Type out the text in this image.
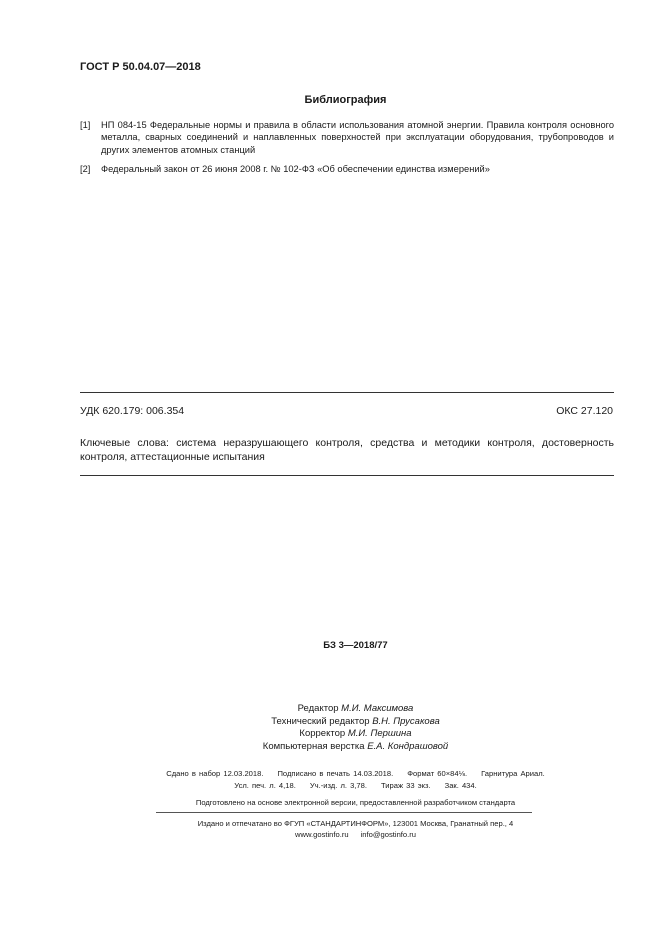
ГОСТ Р 50.04.07—2018
Библиография
[1] НП 084-15 Федеральные нормы и правила в области использования атомной энергии. Правила контроля основного металла, сварных соединений и наплавленных поверхностей при эксплуатации оборудования, трубопроводов и других элементов атомных станций
[2] Федеральный закон от 26 июня 2008 г. № 102-ФЗ «Об обеспечении единства измерений»
УДК 620.179: 006.354	ОКС 27.120
Ключевые слова: система неразрушающего контроля, средства и методики контроля, достоверность контроля, аттестационные испытания
БЗ 3—2018/77
Редактор М.И. Максимова
Технический редактор В.Н. Прусакова
Корректор М.И. Першина
Компьютерная верстка Е.А. Кондрашовой
Сдано в набор 12.03.2018. Подписано в печать 14.03.2018. Формат 60×84⅛. Гарнитура Ариал.
Усл. печ. л. 4,18. Уч.-изд. л. 3,78. Тираж 33 экз. Зак. 434.
Подготовлено на основе электронной версии, предоставленной разработчиком стандарта
Издано и отпечатано во ФГУП «СТАНДАРТИНФОРМ», 123001 Москва, Гранатный пер., 4
www.gostinfo.ru info@gostinfo.ru
